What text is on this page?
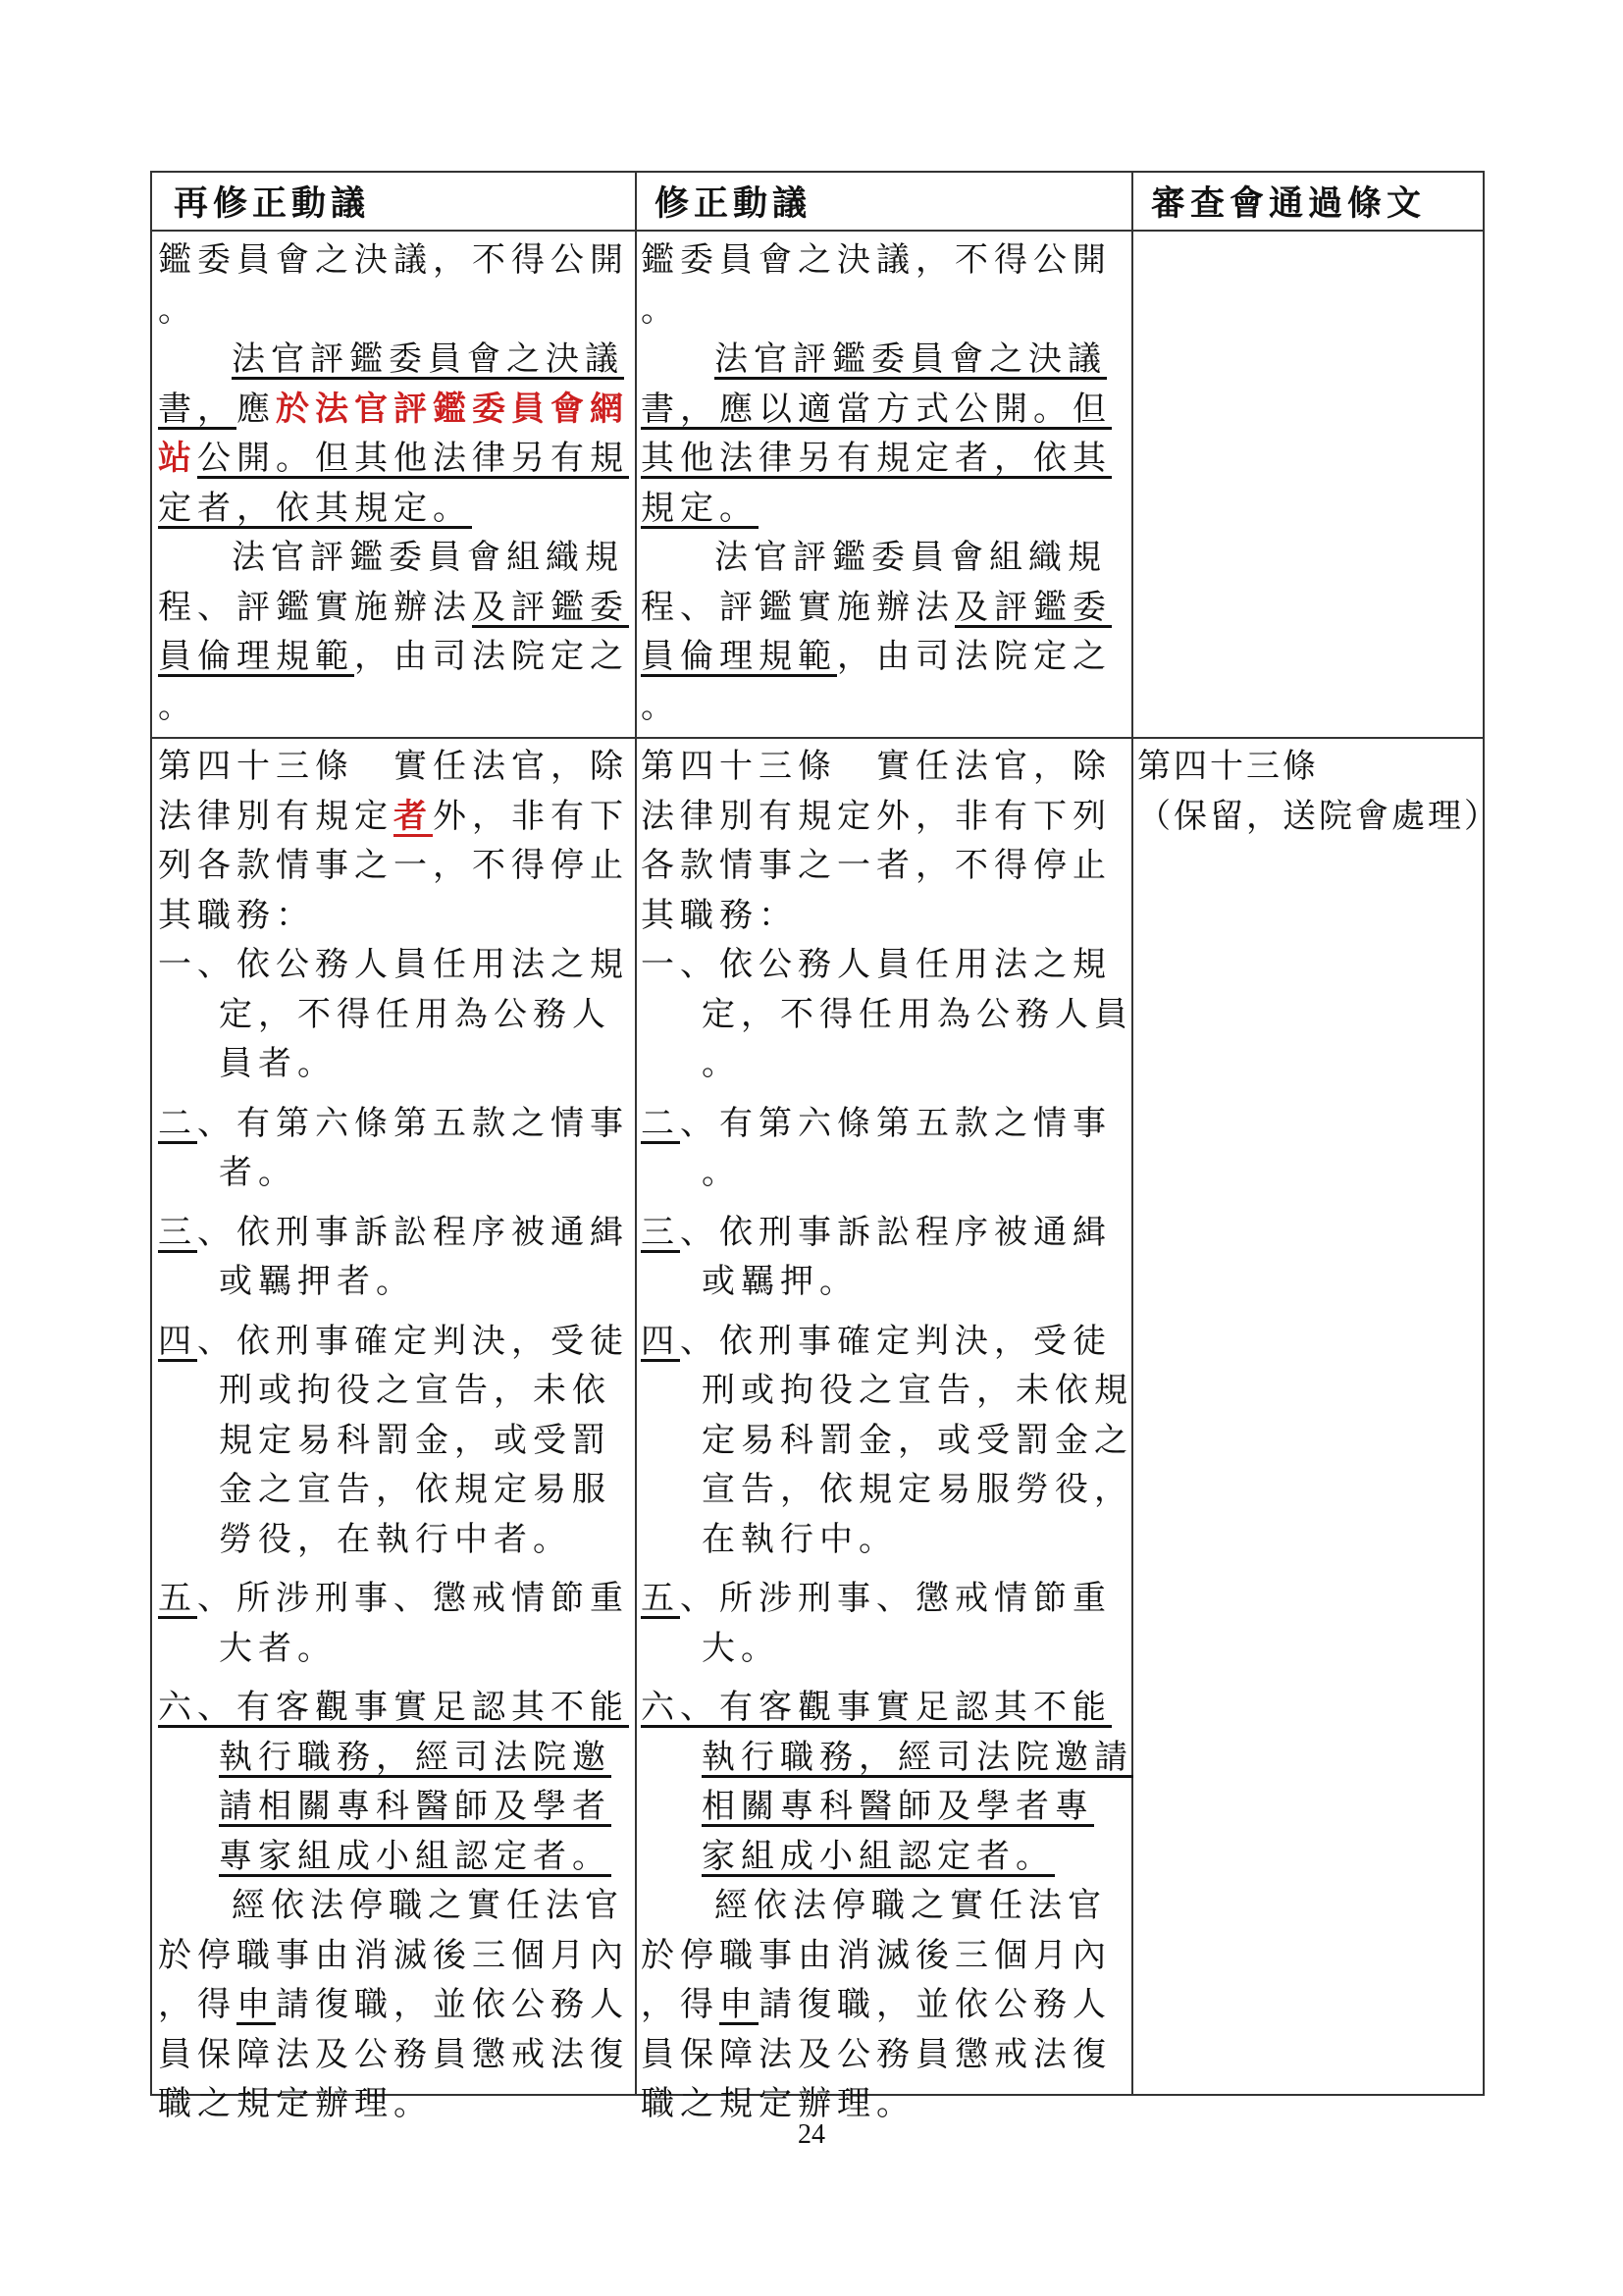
再修正動議	修正動議	審查會通過條文
鑑委員會之決議，不得公開
。
法官評鑑委員會之決議
書，應於法官評鑑委員會網
站公開。但其他法律另有規
定者，依其規定。
法官評鑑委員會組織規
程、評鑑實施辦法及評鑑委
員倫理規範，由司法院定之
。
鑑委員會之決議，不得公開
。
法官評鑑委員會之決議
書，應以適當方式公開。但
其他法律另有規定者，依其
規定。
法官評鑑委員會組織規
程、評鑑實施辦法及評鑑委
員倫理規範，由司法院定之
。
第四十三條　實任法官，除
法律別有規定者外，非有下
列各款情事之一，不得停止
其職務：
一、依公務人員任用法之規
定，不得任用為公務人
員者。
二、有第六條第五款之情事
者。
三、依刑事訴訟程序被通緝
或羈押者。
四、依刑事確定判決，受徒
刑或拘役之宣告，未依
規定易科罰金，或受罰
金之宣告，依規定易服
勞役，在執行中者。
五、所涉刑事、懲戒情節重
大者。
六、有客觀事實足認其不能
執行職務，經司法院邀
請相關專科醫師及學者
專家組成小組認定者。
經依法停職之實任法官
於停職事由消滅後三個月內
，得申請復職，並依公務人
員保障法及公務員懲戒法復
職之規定辦理。
第四十三條　實任法官，除
法律別有規定外，非有下列
各款情事之一者，不得停止
其職務：
一、依公務人員任用法之規
定，不得任用為公務人員
。
二、有第六條第五款之情事
。
三、依刑事訴訟程序被通緝
或羈押。
四、依刑事確定判決，受徒
刑或拘役之宣告，未依規
定易科罰金，或受罰金之
宣告，依規定易服勞役，
在執行中。
五、所涉刑事、懲戒情節重
大。
六、有客觀事實足認其不能
執行職務，經司法院邀請
相關專科醫師及學者專
家組成小組認定者。
經依法停職之實任法官
於停職事由消滅後三個月內
，得申請復職，並依公務人
員保障法及公務員懲戒法復
職之規定辦理。
第四十三條
（保留，送院會處理）
24
